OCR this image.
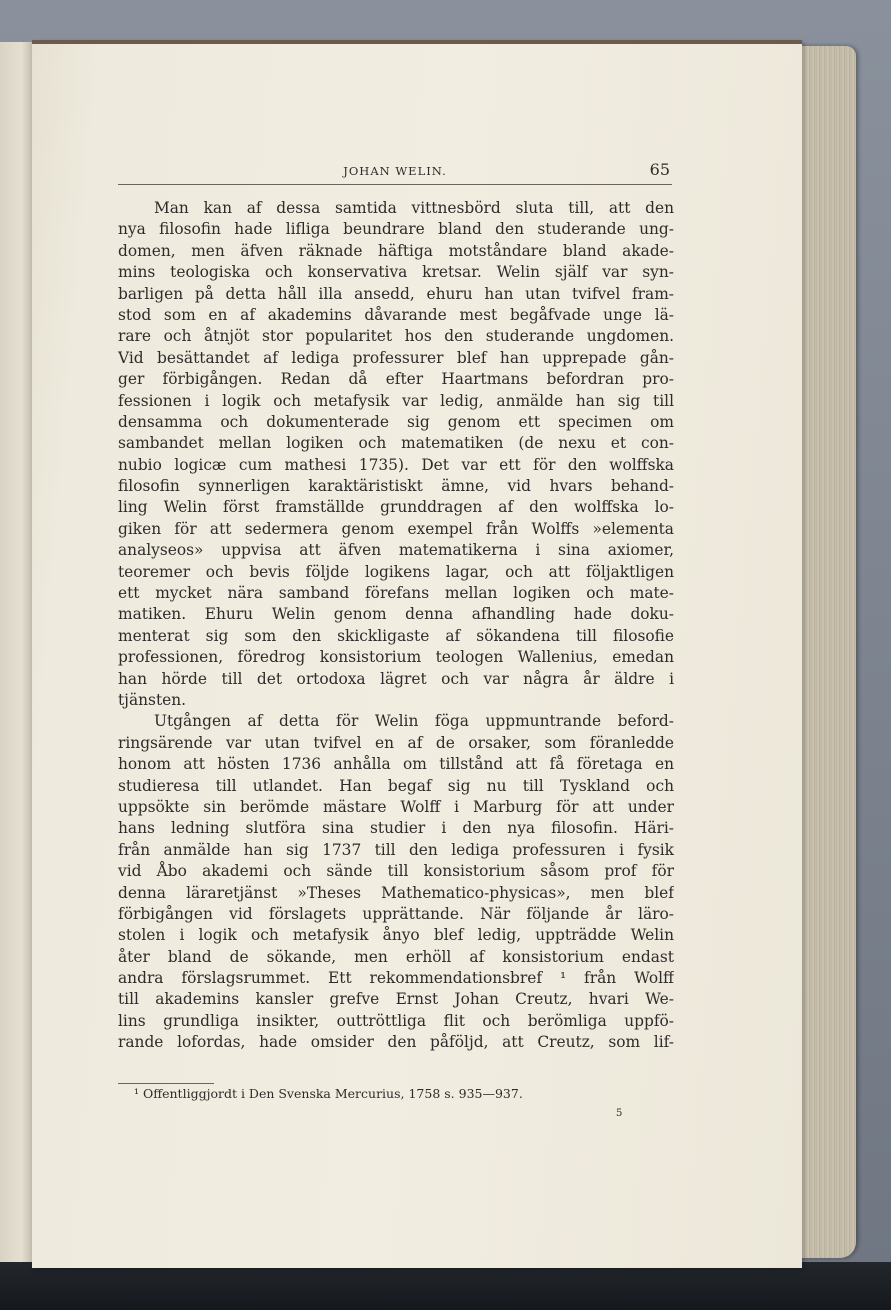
JOHAN WELIN.	65
Man kan af dessa samtida vittnesbörd sluta till, att den
nya filosofin hade lifliga beundrare bland den studerande ung-
domen, men äfven räknade häftiga motståndare bland akade-
mins teologiska och konservativa kretsar. Welin själf var syn-
barligen på detta håll illa ansedd, ehuru han utan tvifvel fram-
stod som en af akademins dåvarande mest begåfvade unge lä-
rare och åtnjöt stor popularitet hos den studerande ungdomen.
Vid besättandet af lediga professurer blef han upprepade gån-
ger förbigången. Redan då efter Haartmans befordran pro-
fessionen i logik och metafysik var ledig, anmälde han sig till
densamma och dokumenterade sig genom ett specimen om
sambandet mellan logiken och matematiken (de nexu et con-
nubio logicæ cum mathesi 1735). Det var ett för den wolffska
filosofin synnerligen karaktäristiskt ämne, vid hvars behand-
ling Welin först framställde grunddragen af den wolffska lo-
giken för att sedermera genom exempel från Wolffs »elementa
analyseos» uppvisa att äfven matematikerna i sina axiomer,
teoremer och bevis följde logikens lagar, och att följaktligen
ett mycket nära samband förefans mellan logiken och mate-
matiken. Ehuru Welin genom denna afhandling hade doku-
menterat sig som den skickligaste af sökandena till filosofie
professionen, föredrog konsistorium teologen Wallenius, emedan
han hörde till det ortodoxa lägret och var några år äldre i
tjänsten.
Utgången af detta för Welin föga uppmuntrande beford-
ringsärende var utan tvifvel en af de orsaker, som föranledde
honom att hösten 1736 anhålla om tillstånd att få företaga en
studieresa till utlandet. Han begaf sig nu till Tyskland och
uppsökte sin berömde mästare Wolff i Marburg för att under
hans ledning slutföra sina studier i den nya filosofin. Häri-
från anmälde han sig 1737 till den lediga professuren i fysik
vid Åbo akademi och sände till konsistorium såsom prof för
denna läraretjänst »Theses Mathematico-physicas», men blef
förbigången vid förslagets upprättande. När följande år läro-
stolen i logik och metafysik ånyo blef ledig, uppträdde Welin
åter bland de sökande, men erhöll af konsistorium endast
andra förslagsrummet. Ett rekommendationsbref ¹ från Wolff
till akademins kansler grefve Ernst Johan Creutz, hvari We-
lins grundliga insikter, outtröttliga flit och berömliga uppfö-
rande lofordas, hade omsider den påföljd, att Creutz, som lif-
¹ Offentliggjordt i Den Svenska Mercurius, 1758 s. 935—937.
5
